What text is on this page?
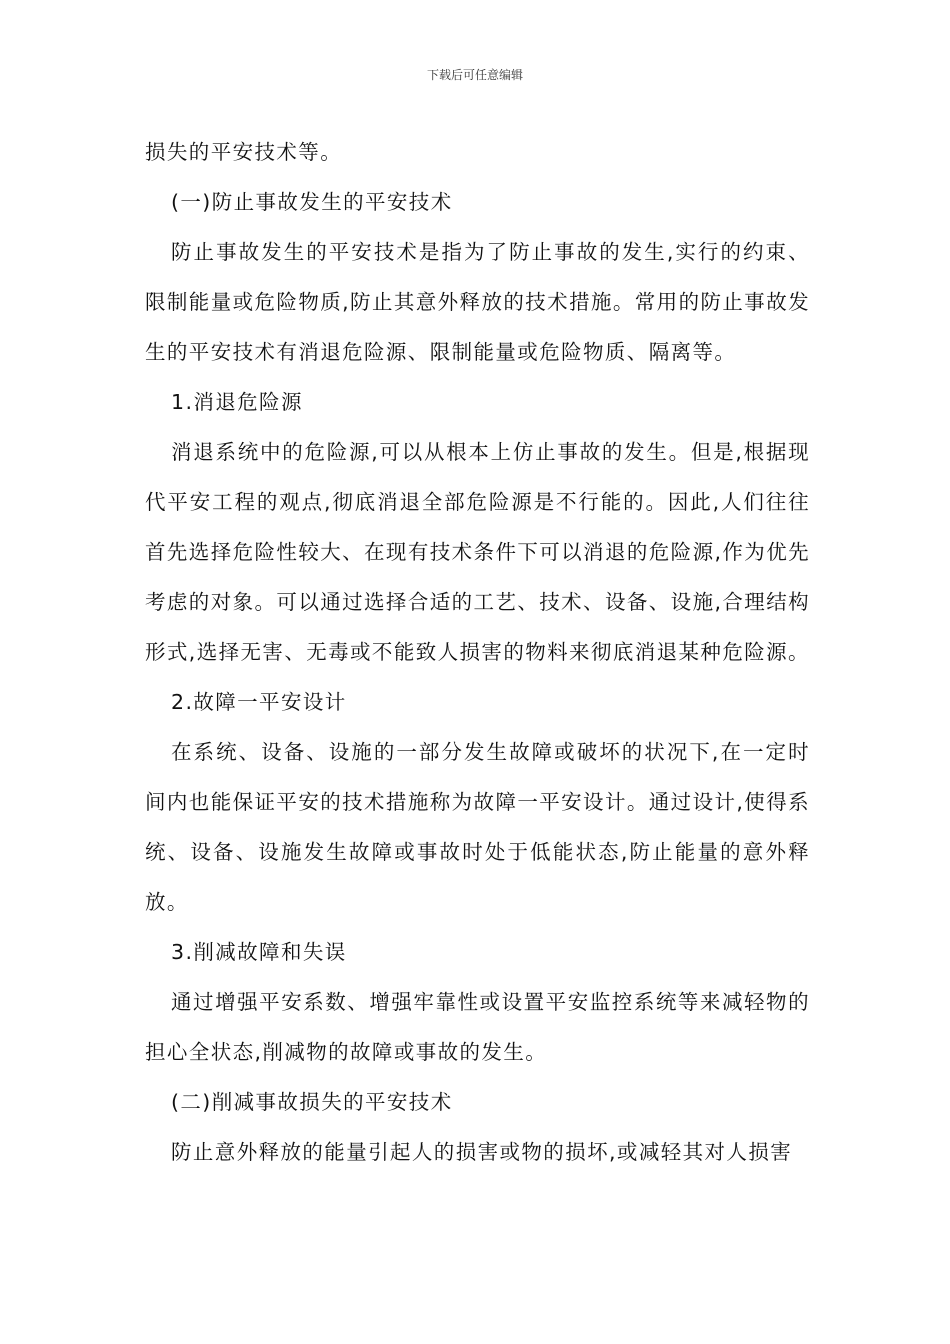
下载后可任意编辑

损失的平安技术等。

(一)防止事故发生的平安技术

防止事故发生的平安技术是指为了防止事故的发生,实行的约束、限制能量或危险物质,防止其意外释放的技术措施。常用的防止事故发生的平安技术有消退危险源、限制能量或危险物质、隔离等。

1.消退危险源

消退系统中的危险源,可以从根本上仿止事故的发生。但是,根据现代平安工程的观点,彻底消退全部危险源是不行能的。因此,人们往往首先选择危险性较大、在现有技术条件下可以消退的危险源,作为优先考虑的对象。可以通过选择合适的工艺、技术、设备、设施,合理结构形式,选择无害、无毒或不能致人损害的物料来彻底消退某种危险源。

2.故障一平安设计

在系统、设备、设施的一部分发生故障或破坏的状况下,在一定时间内也能保证平安的技术措施称为故障一平安设计。通过设计,使得系统、设备、设施发生故障或事故时处于低能状态,防止能量的意外释放。

3.削减故障和失误

通过增强平安系数、增强牢靠性或设置平安监控系统等来减轻物的担心全状态,削减物的故障或事故的发生。

(二)削减事故损失的平安技术

防止意外释放的能量引起人的损害或物的损坏,或减轻其对人损害
